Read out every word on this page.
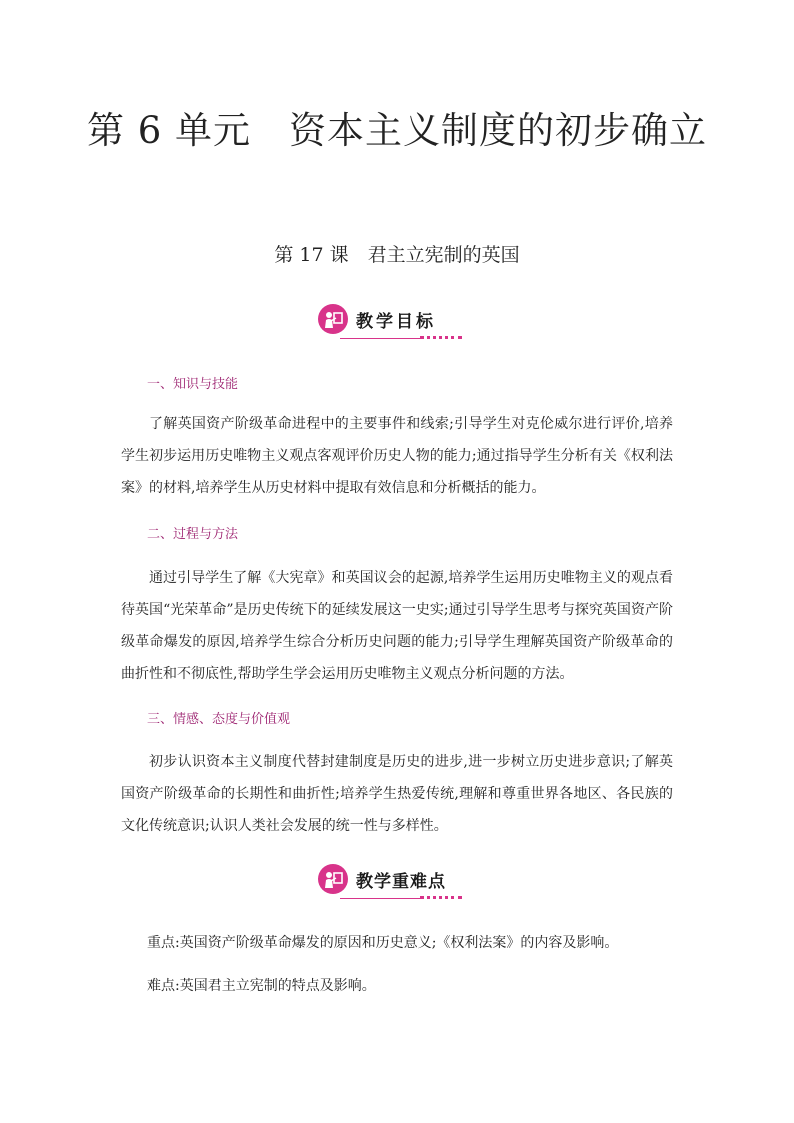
第 6 单元　资本主义制度的初步确立
第 17 课　君主立宪制的英国
教学目标
一、知识与技能
了解英国资产阶级革命进程中的主要事件和线索;引导学生对克伦威尔进行评价,培养学生初步运用历史唯物主义观点客观评价历史人物的能力;通过指导学生分析有关《权利法案》的材料,培养学生从历史材料中提取有效信息和分析概括的能力。
二、过程与方法
通过引导学生了解《大宪章》和英国议会的起源,培养学生运用历史唯物主义的观点看待英国“光荣革命”是历史传统下的延续发展这一史实;通过引导学生思考与探究英国资产阶级革命爆发的原因,培养学生综合分析历史问题的能力;引导学生理解英国资产阶级革命的曲折性和不彻底性,帮助学生学会运用历史唯物主义观点分析问题的方法。
三、情感、态度与价值观
初步认识资本主义制度代替封建制度是历史的进步,进一步树立历史进步意识;了解英国资产阶级革命的长期性和曲折性;培养学生热爱传统,理解和尊重世界各地区、各民族的文化传统意识;认识人类社会发展的统一性与多样性。
教学重难点
重点:英国资产阶级革命爆发的原因和历史意义;《权利法案》的内容及影响。
难点:英国君主立宪制的特点及影响。
